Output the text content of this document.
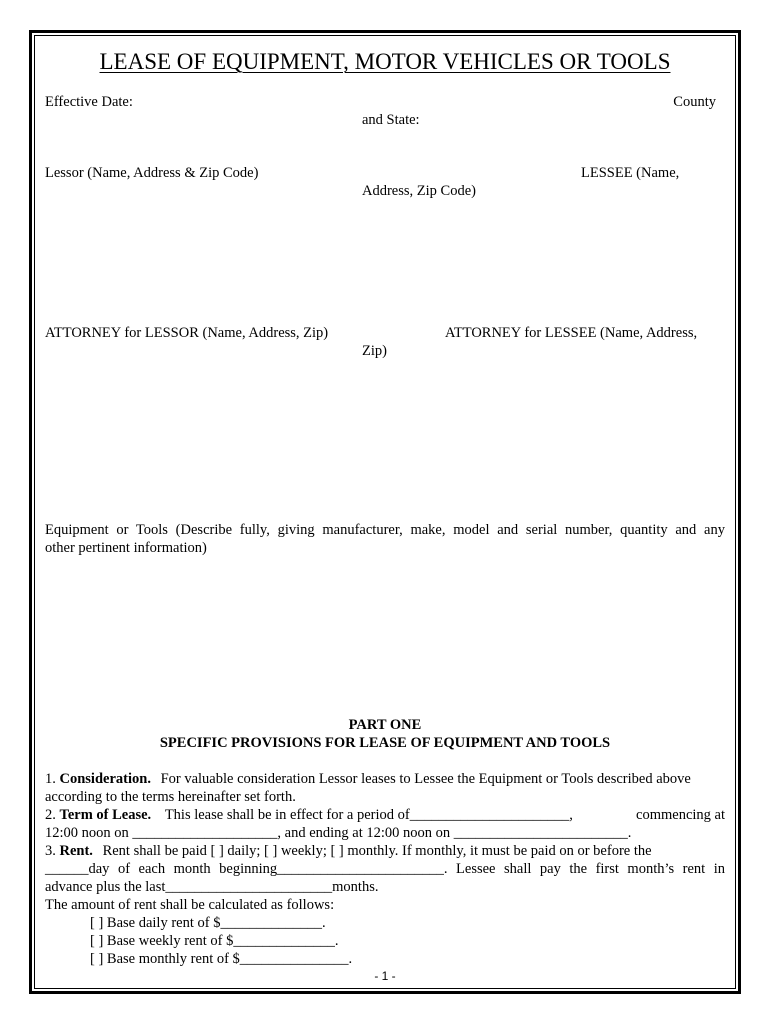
LEASE OF EQUIPMENT, MOTOR VEHICLES OR TOOLS
Effective Date:	County
and State:
Lessor (Name, Address & Zip Code)	LESSEE (Name,
Address, Zip Code)
ATTORNEY for LESSOR (Name, Address, Zip)	ATTORNEY for LESSEE (Name, Address,
Zip)
Equipment or Tools (Describe fully, giving manufacturer, make, model and serial number, quantity and any
other pertinent information)
PART ONE
SPECIFIC PROVISIONS FOR LEASE OF EQUIPMENT AND TOOLS
1. Consideration. For valuable consideration Lessor leases to Lessee the Equipment or Tools described above
according to the terms hereinafter set forth.
2. Term of Lease. This lease shall be in effect for a period of______________________,	commencing at
12:00 noon on ____________________, and ending at 12:00 noon on ________________________.
3. Rent. Rent shall be paid [ ] daily; [ ] weekly; [ ] monthly. If monthly, it must be paid on or before the
______day of each month beginning_______________________. Lessee shall pay the first month’s rent in
advance plus the last_______________________months.
The amount of rent shall be calculated as follows:
[ ] Base daily rent of $______________.
[ ] Base weekly rent of $______________.
[ ] Base monthly rent of $_______________.
- 1 -
